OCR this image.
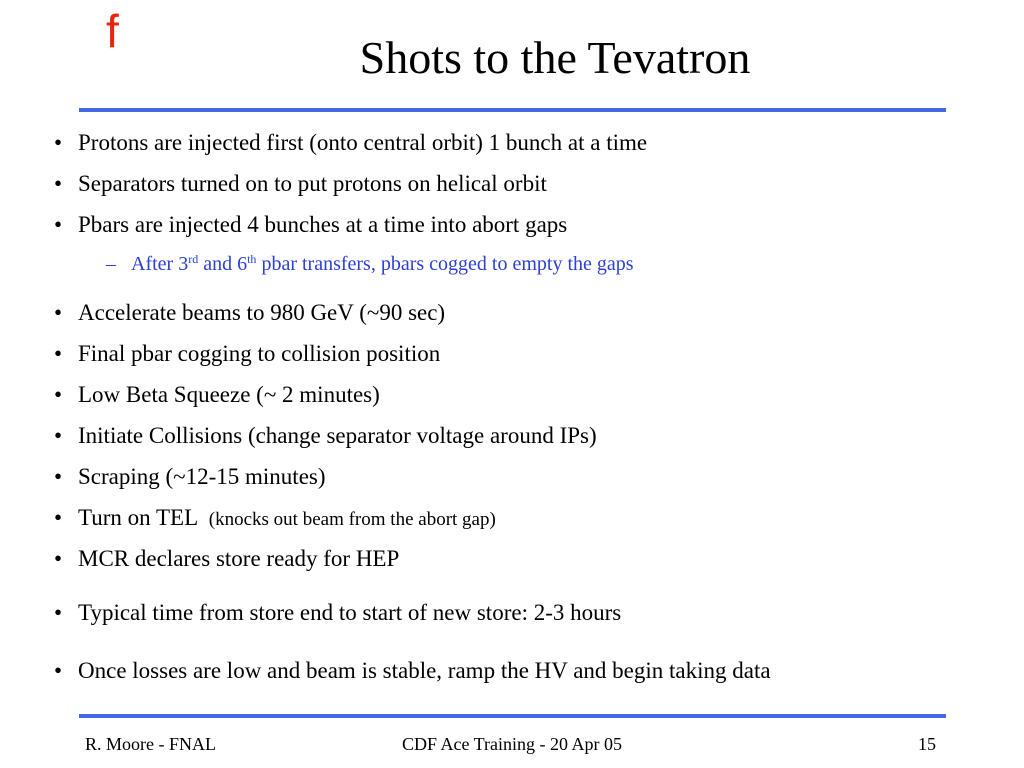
f
Shots to the Tevatron
• Protons are injected first (onto central orbit) 1 bunch at a time
• Separators turned on to put protons on helical orbit
• Pbars are injected 4 bunches at a time into abort gaps
– After 3rd and 6th pbar transfers, pbars cogged to empty the gaps
• Accelerate beams to 980 GeV (~90 sec)
• Final pbar cogging to collision position
• Low Beta Squeeze (~ 2 minutes)
• Initiate Collisions (change separator voltage around IPs)
• Scraping (~12-15 minutes)
• Turn on TEL  (knocks out beam from the abort gap)
• MCR declares store ready for HEP
• Typical time from store end to start of new store: 2-3 hours
• Once losses are low and beam is stable, ramp the HV and begin taking data
R. Moore - FNAL	CDF Ace Training - 20 Apr 05	15
